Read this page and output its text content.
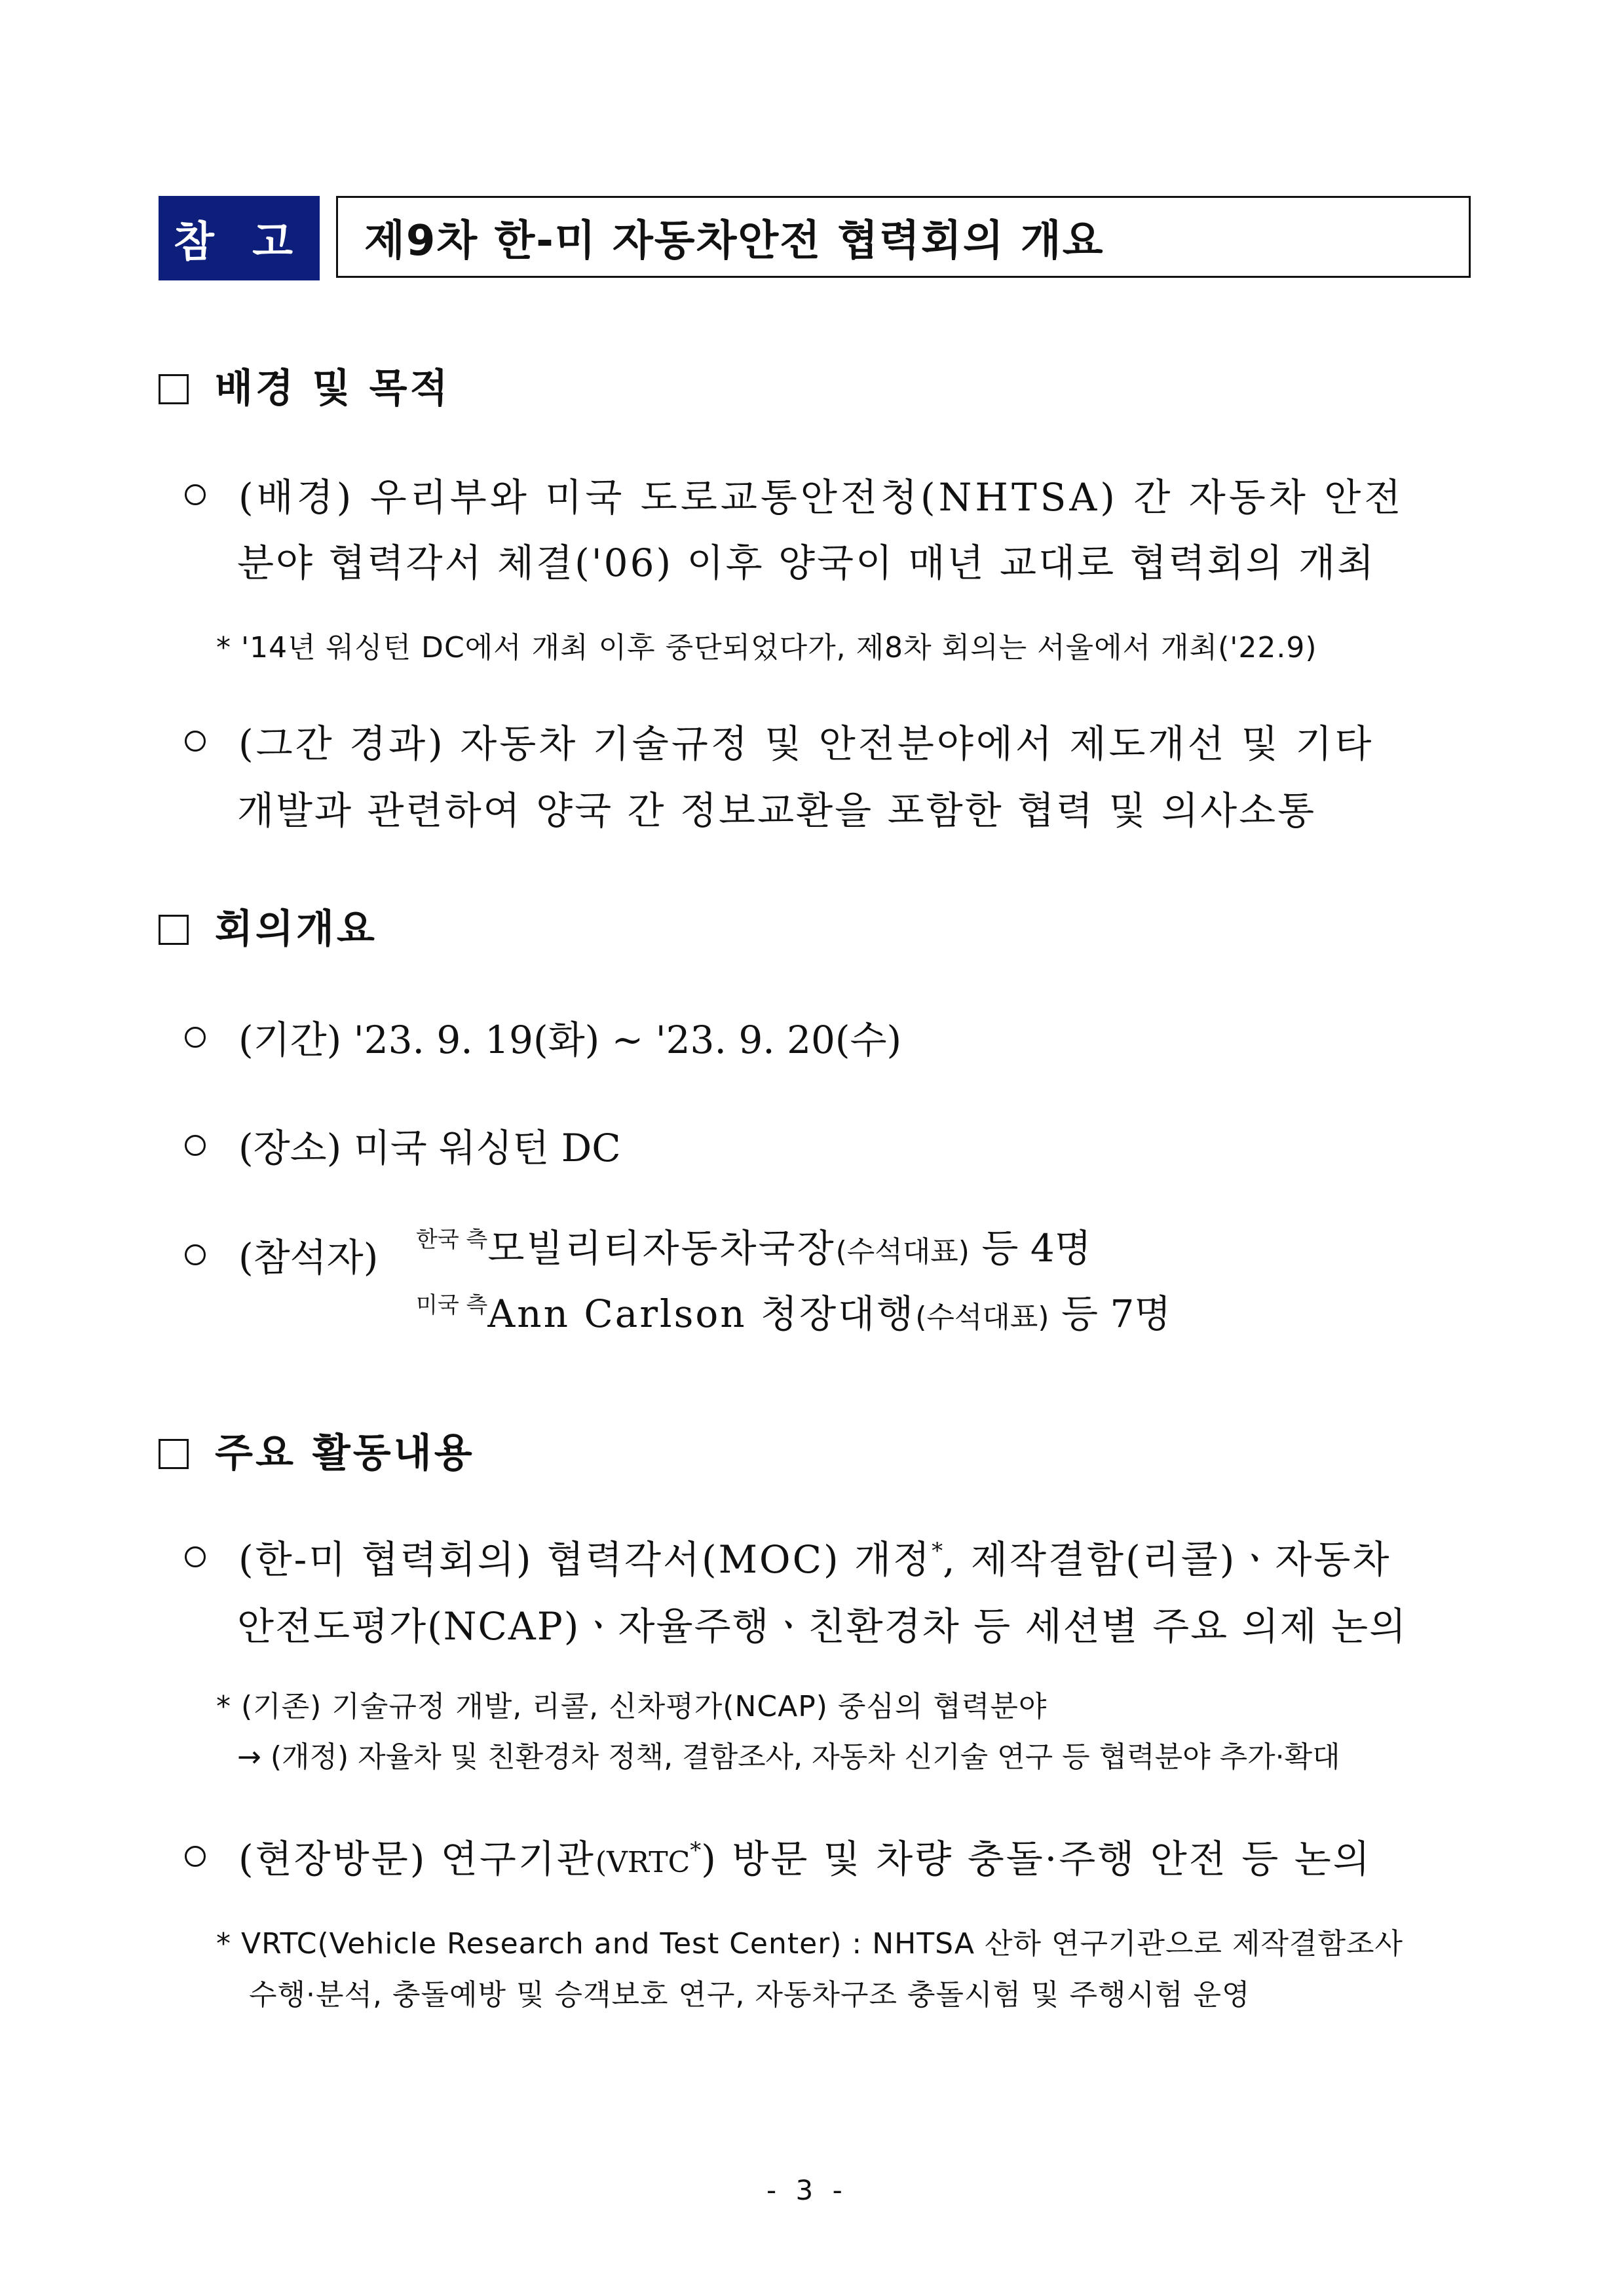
참 고	제9차 한-미 자동차안전 협력회의 개요
배경 및 목적
(배경) 우리부와 미국 도로교통안전청(NHTSA) 간 자동차 안전
분야 협력각서 체결('06) 이후 양국이 매년 교대로 협력회의 개최
* '14년 워싱턴 DC에서 개최 이후 중단되었다가, 제8차 회의는 서울에서 개최('22.9)
(그간 경과) 자동차 기술규정 및 안전분야에서 제도개선 및 기타
개발과 관련하여 양국 간 정보교환을 포함한 협력 및 의사소통
회의개요
(기간) '23. 9. 19(화) ~ '23. 9. 20(수)
(장소) 미국 워싱턴 DC
(참석자) $^{한국 측}$모빌리티자동차국장(수석대표) 등 4명
$^{미국 측}$Ann Carlson 청장대행(수석대표) 등 7명
주요 활동내용
(한-미 협력회의) 협력각서(MOC) 개정*, 제작결함(리콜)ㆍ자동차
안전도평가(NCAP)ㆍ자율주행ㆍ친환경차 등 세션별 주요 의제 논의
* (기존) 기술규정 개발, 리콜, 신차평가(NCAP) 중심의 협력분야
→ (개정) 자율차 및 친환경차 정책, 결함조사, 자동차 신기술 연구 등 협력분야 추가·확대
(현장방문) 연구기관(VRTC*) 방문 및 차량 충돌·주행 안전 등 논의
* VRTC(Vehicle Research and Test Center) : NHTSA 산하 연구기관으로 제작결함조사
수행·분석, 충돌예방 및 승객보호 연구, 자동차구조 충돌시험 및 주행시험 운영
- 3 -
